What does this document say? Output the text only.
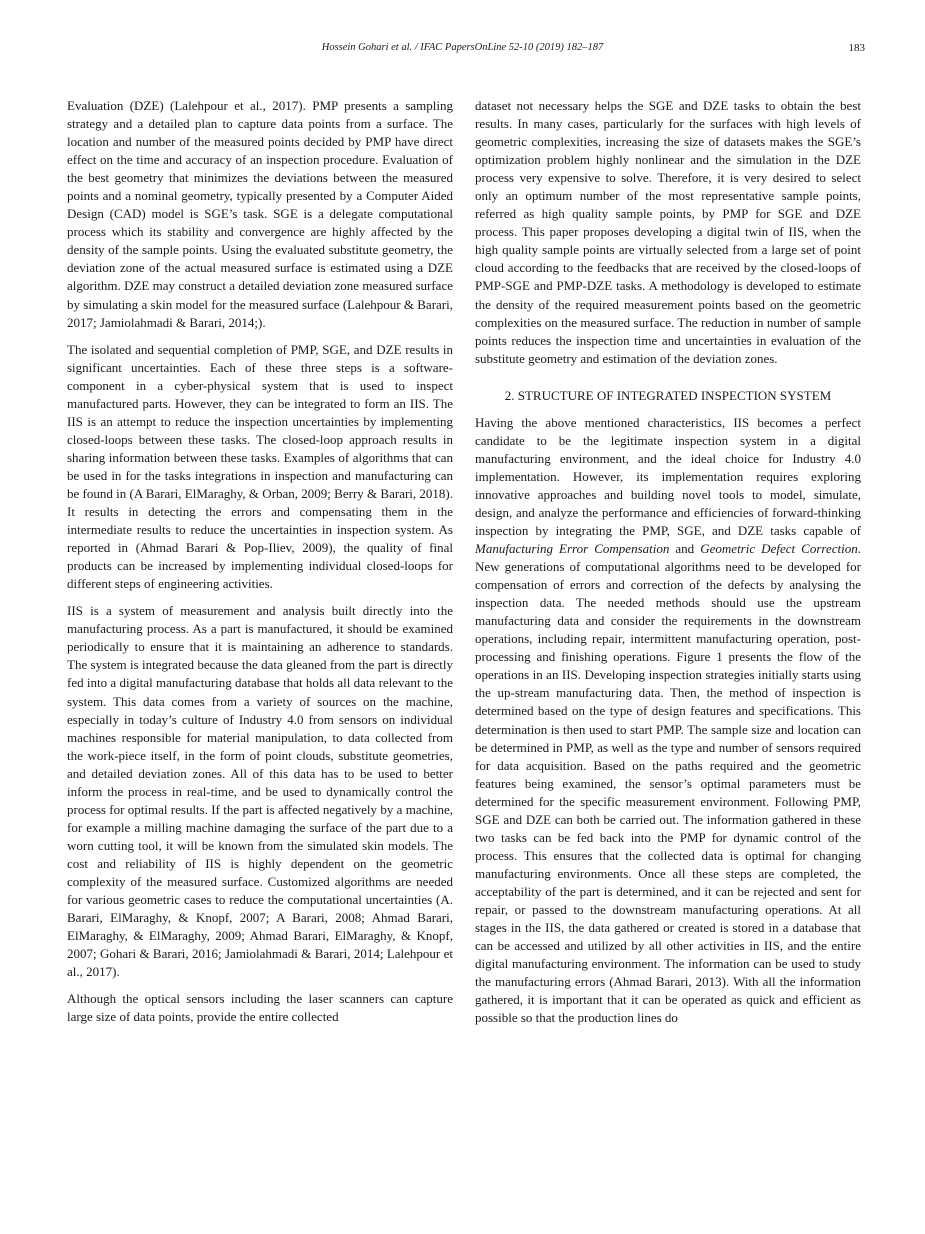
Hossein Gohari et al. / IFAC PapersOnLine 52-10 (2019) 182–187	183

Evaluation (DZE) (Lalehpour et al., 2017). PMP presents a sampling strategy and a detailed plan to capture data points from a surface. The location and number of the measured points decided by PMP have direct effect on the time and accuracy of an inspection procedure. Evaluation of the best geometry that minimizes the deviations between the measured points and a nominal geometry, typically presented by a Computer Aided Design (CAD) model is SGE’s task. SGE is a delegate computational process which its stability and convergence are highly affected by the density of the sample points. Using the evaluated substitute geometry, the deviation zone of the actual measured surface is estimated using a DZE algorithm. DZE may construct a detailed deviation zone measured surface by simulating a skin model for the measured surface (Lalehpour & Barari, 2017; Jamiolahmadi & Barari, 2014;).

The isolated and sequential completion of PMP, SGE, and DZE results in significant uncertainties. Each of these three steps is a software-component in a cyber-physical system that is used to inspect manufactured parts. However, they can be integrated to form an IIS. The IIS is an attempt to reduce the inspection uncertainties by implementing closed-loops between these tasks. The closed-loop approach results in sharing information between these tasks. Examples of algorithms that can be used in for the tasks integrations in inspection and manufacturing can be found in (A Barari, ElMaraghy, & Orban, 2009; Berry & Barari, 2018). It results in detecting the errors and compensating them in the intermediate results to reduce the uncertainties in inspection system. As reported in (Ahmad Barari & Pop-Iliev, 2009), the quality of final products can be increased by implementing individual closed-loops for different steps of engineering activities.

IIS is a system of measurement and analysis built directly into the manufacturing process. As a part is manufactured, it should be examined periodically to ensure that it is maintaining an adherence to standards. The system is integrated because the data gleaned from the part is directly fed into a digital manufacturing database that holds all data relevant to the system. This data comes from a variety of sources on the machine, especially in today’s culture of Industry 4.0 from sensors on individual machines responsible for material manipulation, to data collected from the work-piece itself, in the form of point clouds, substitute geometries, and detailed deviation zones. All of this data has to be used to better inform the process in real-time, and be used to dynamically control the process for optimal results. If the part is affected negatively by a machine, for example a milling machine damaging the surface of the part due to a worn cutting tool, it will be known from the simulated skin models. The cost and reliability of IIS is highly dependent on the geometric complexity of the measured surface. Customized algorithms are needed for various geometric cases to reduce the computational uncertainties (A. Barari, ElMaraghy, & Knopf, 2007; A Barari, 2008; Ahmad Barari, ElMaraghy, & ElMaraghy, 2009; Ahmad Barari, ElMaraghy, & Knopf, 2007; Gohari & Barari, 2016; Jamiolahmadi & Barari, 2014; Lalehpour et al., 2017).

Although the optical sensors including the laser scanners can capture large size of data points, provide the entire collected

dataset not necessary helps the SGE and DZE tasks to obtain the best results. In many cases, particularly for the surfaces with high levels of geometric complexities, increasing the size of datasets makes the SGE’s optimization problem highly nonlinear and the simulation in the DZE process very expensive to solve. Therefore, it is very desired to select only an optimum number of the most representative sample points, referred as high quality sample points, by PMP for SGE and DZE process. This paper proposes developing a digital twin of IIS, when the high quality sample points are virtually selected from a large set of point cloud according to the feedbacks that are received by the closed-loops of PMP-SGE and PMP-DZE tasks. A methodology is developed to estimate the density of the required measurement points based on the geometric complexities on the measured surface. The reduction in number of sample points reduces the inspection time and uncertainties in evaluation of the substitute geometry and estimation of the deviation zones.

2. STRUCTURE OF INTEGRATED INSPECTION SYSTEM

Having the above mentioned characteristics, IIS becomes a perfect candidate to be the legitimate inspection system in a digital manufacturing environment, and the ideal choice for Industry 4.0 implementation. However, its implementation requires exploring innovative approaches and building novel tools to model, simulate, design, and analyze the performance and efficiencies of forward-thinking inspection by integrating the PMP, SGE, and DZE tasks capable of Manufacturing Error Compensation and Geometric Defect Correction. New generations of computational algorithms need to be developed for compensation of errors and correction of the defects by analysing the inspection data. The needed methods should use the upstream manufacturing data and consider the requirements in the downstream operations, including repair, intermittent manufacturing operation, post-processing and finishing operations. Figure 1 presents the flow of the operations in an IIS. Developing inspection strategies initially starts using the up-stream manufacturing data. Then, the method of inspection is determined based on the type of design features and specifications. This determination is then used to start PMP. The sample size and location can be determined in PMP, as well as the type and number of sensors required for data acquisition. Based on the paths required and the geometric features being examined, the sensor’s optimal parameters must be determined for the specific measurement environment. Following PMP, SGE and DZE can both be carried out. The information gathered in these two tasks can be fed back into the PMP for dynamic control of the process. This ensures that the collected data is optimal for changing manufacturing environments. Once all these steps are completed, the acceptability of the part is determined, and it can be rejected and sent for repair, or passed to the downstream manufacturing operations. At all stages in the IIS, the data gathered or created is stored in a database that can be accessed and utilized by all other activities in IIS, and the entire digital manufacturing environment. The information can be used to study the manufacturing errors (Ahmad Barari, 2013). With all the information gathered, it is important that it can be operated as quick and efficient as possible so that the production lines do
